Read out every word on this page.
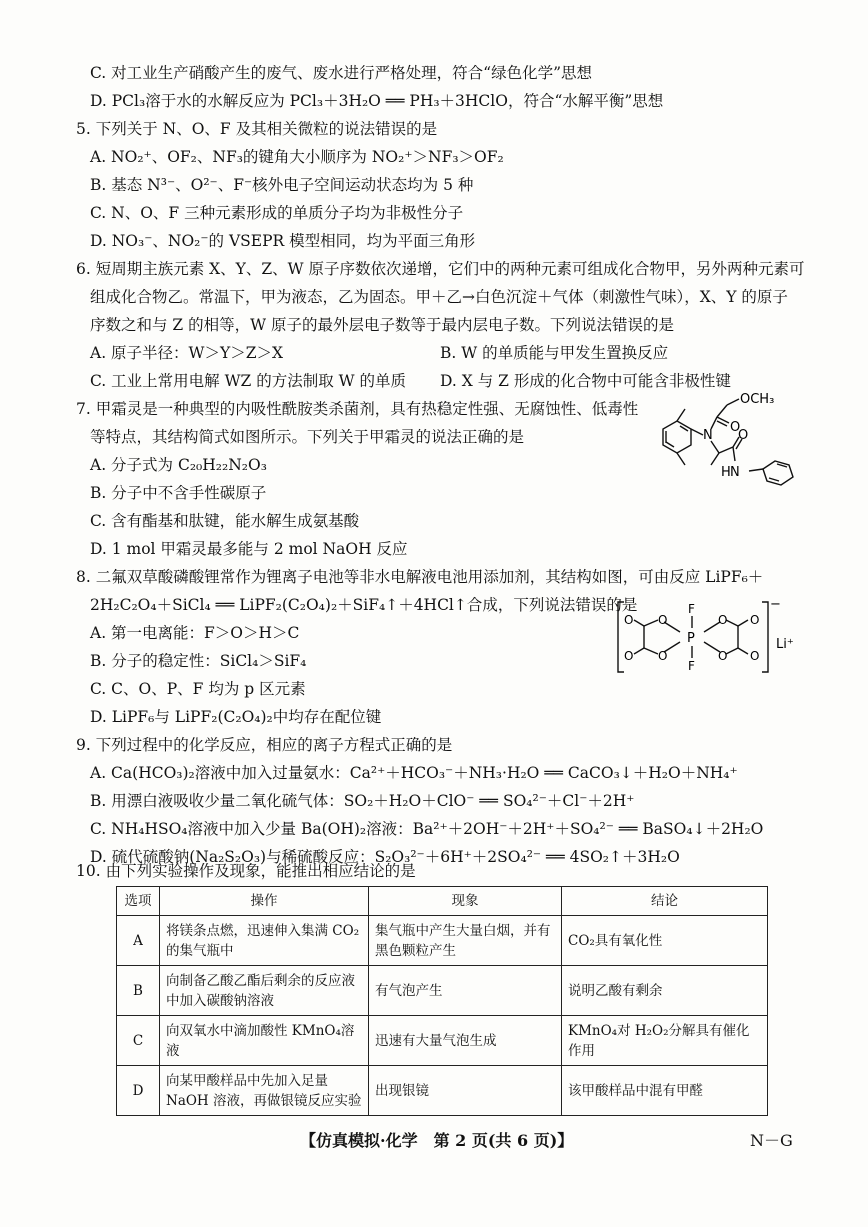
C. 对工业生产硝酸产生的废气、废水进行严格处理，符合“绿色化学”思想
D. PCl₃溶于水的水解反应为 PCl₃＋3H₂O ══ PH₃＋3HClO，符合“水解平衡”思想
5. 下列关于 N、O、F 及其相关微粒的说法错误的是
A. NO₂⁺、OF₂、NF₃的键角大小顺序为 NO₂⁺＞NF₃＞OF₂
B. 基态 N³⁻、O²⁻、F⁻核外电子空间运动状态均为 5 种
C. N、O、F 三种元素形成的单质分子均为非极性分子
D. NO₃⁻、NO₂⁻的 VSEPR 模型相同，均为平面三角形
6. 短周期主族元素 X、Y、Z、W 原子序数依次递增，它们中的两种元素可组成化合物甲，另外两种元素可
组成化合物乙。常温下，甲为液态，乙为固态。甲＋乙→白色沉淀＋气体（刺激性气味），X、Y 的原子
序数之和与 Z 的相等，W 原子的最外层电子数等于最内层电子数。下列说法错误的是
A. 原子半径：W＞Y＞Z＞X	B. W 的单质能与甲发生置换反应
C. 工业上常用电解 WZ 的方法制取 W 的单质 D. X 与 Z 形成的化合物中可能含非极性键
7. 甲霜灵是一种典型的内吸性酰胺类杀菌剂，具有热稳定性强、无腐蚀性、低毒性
等特点，其结构简式如图所示。下列关于甲霜灵的说法正确的是
A. 分子式为 C₂₀H₂₂N₂O₃
B. 分子中不含手性碳原子
C. 含有酯基和肽键，能水解生成氨基酸
D. 1 mol 甲霜灵最多能与 2 mol NaOH 反应
8. 二氟双草酸磷酸锂常作为锂离子电池等非水电解液电池用添加剂，其结构如图，可由反应 LiPF₆＋
2H₂C₂O₄＋SiCl₄ ══ LiPF₂(C₂O₄)₂＋SiF₄↑＋4HCl↑合成，下列说法错误的是
A. 第一电离能：F＞O＞H＞C
B. 分子的稳定性：SiCl₄＞SiF₄
C. C、O、P、F 均为 p 区元素
D. LiPF₆与 LiPF₂(C₂O₄)₂中均存在配位键
9. 下列过程中的化学反应，相应的离子方程式正确的是
A. Ca(HCO₃)₂溶液中加入过量氨水：Ca²⁺＋HCO₃⁻＋NH₃·H₂O ══ CaCO₃↓＋H₂O＋NH₄⁺
B. 用漂白液吸收少量二氧化硫气体：SO₂＋H₂O＋ClO⁻ ══ SO₄²⁻＋Cl⁻＋2H⁺
C. NH₄HSO₄溶液中加入少量 Ba(OH)₂溶液：Ba²⁺＋2OH⁻＋2H⁺＋SO₄²⁻ ══ BaSO₄↓＋2H₂O
D. 硫代硫酸钠(Na₂S₂O₃)与稀硫酸反应：S₂O₃²⁻＋6H⁺＋2SO₄²⁻ ══ 4SO₂↑＋3H₂O
10. 由下列实验操作及现象，能推出相应结论的是
OCH₃
N
O
O
N
H
O
O
O
O
O
O
O
O
P
F
F
−
Li⁺
选项	操作	现象	结论
A	将镁条点燃，迅速伸入集满 CO₂的集气瓶中	集气瓶中产生大量白烟，并有黑色颗粒产生	CO₂具有氧化性
B	向制备乙酸乙酯后剩余的反应液中加入碳酸钠溶液	有气泡产生	说明乙酸有剩余
C	向双氧水中滴加酸性 KMnO₄溶液	迅速有大量气泡生成	KMnO₄对 H₂O₂分解具有催化作用
D	向某甲酸样品中先加入足量 NaOH 溶液，再做银镜反应实验	出现银镜	该甲酸样品中混有甲醛
【仿真模拟·化学　第 2 页(共 6 页)】	N－G
